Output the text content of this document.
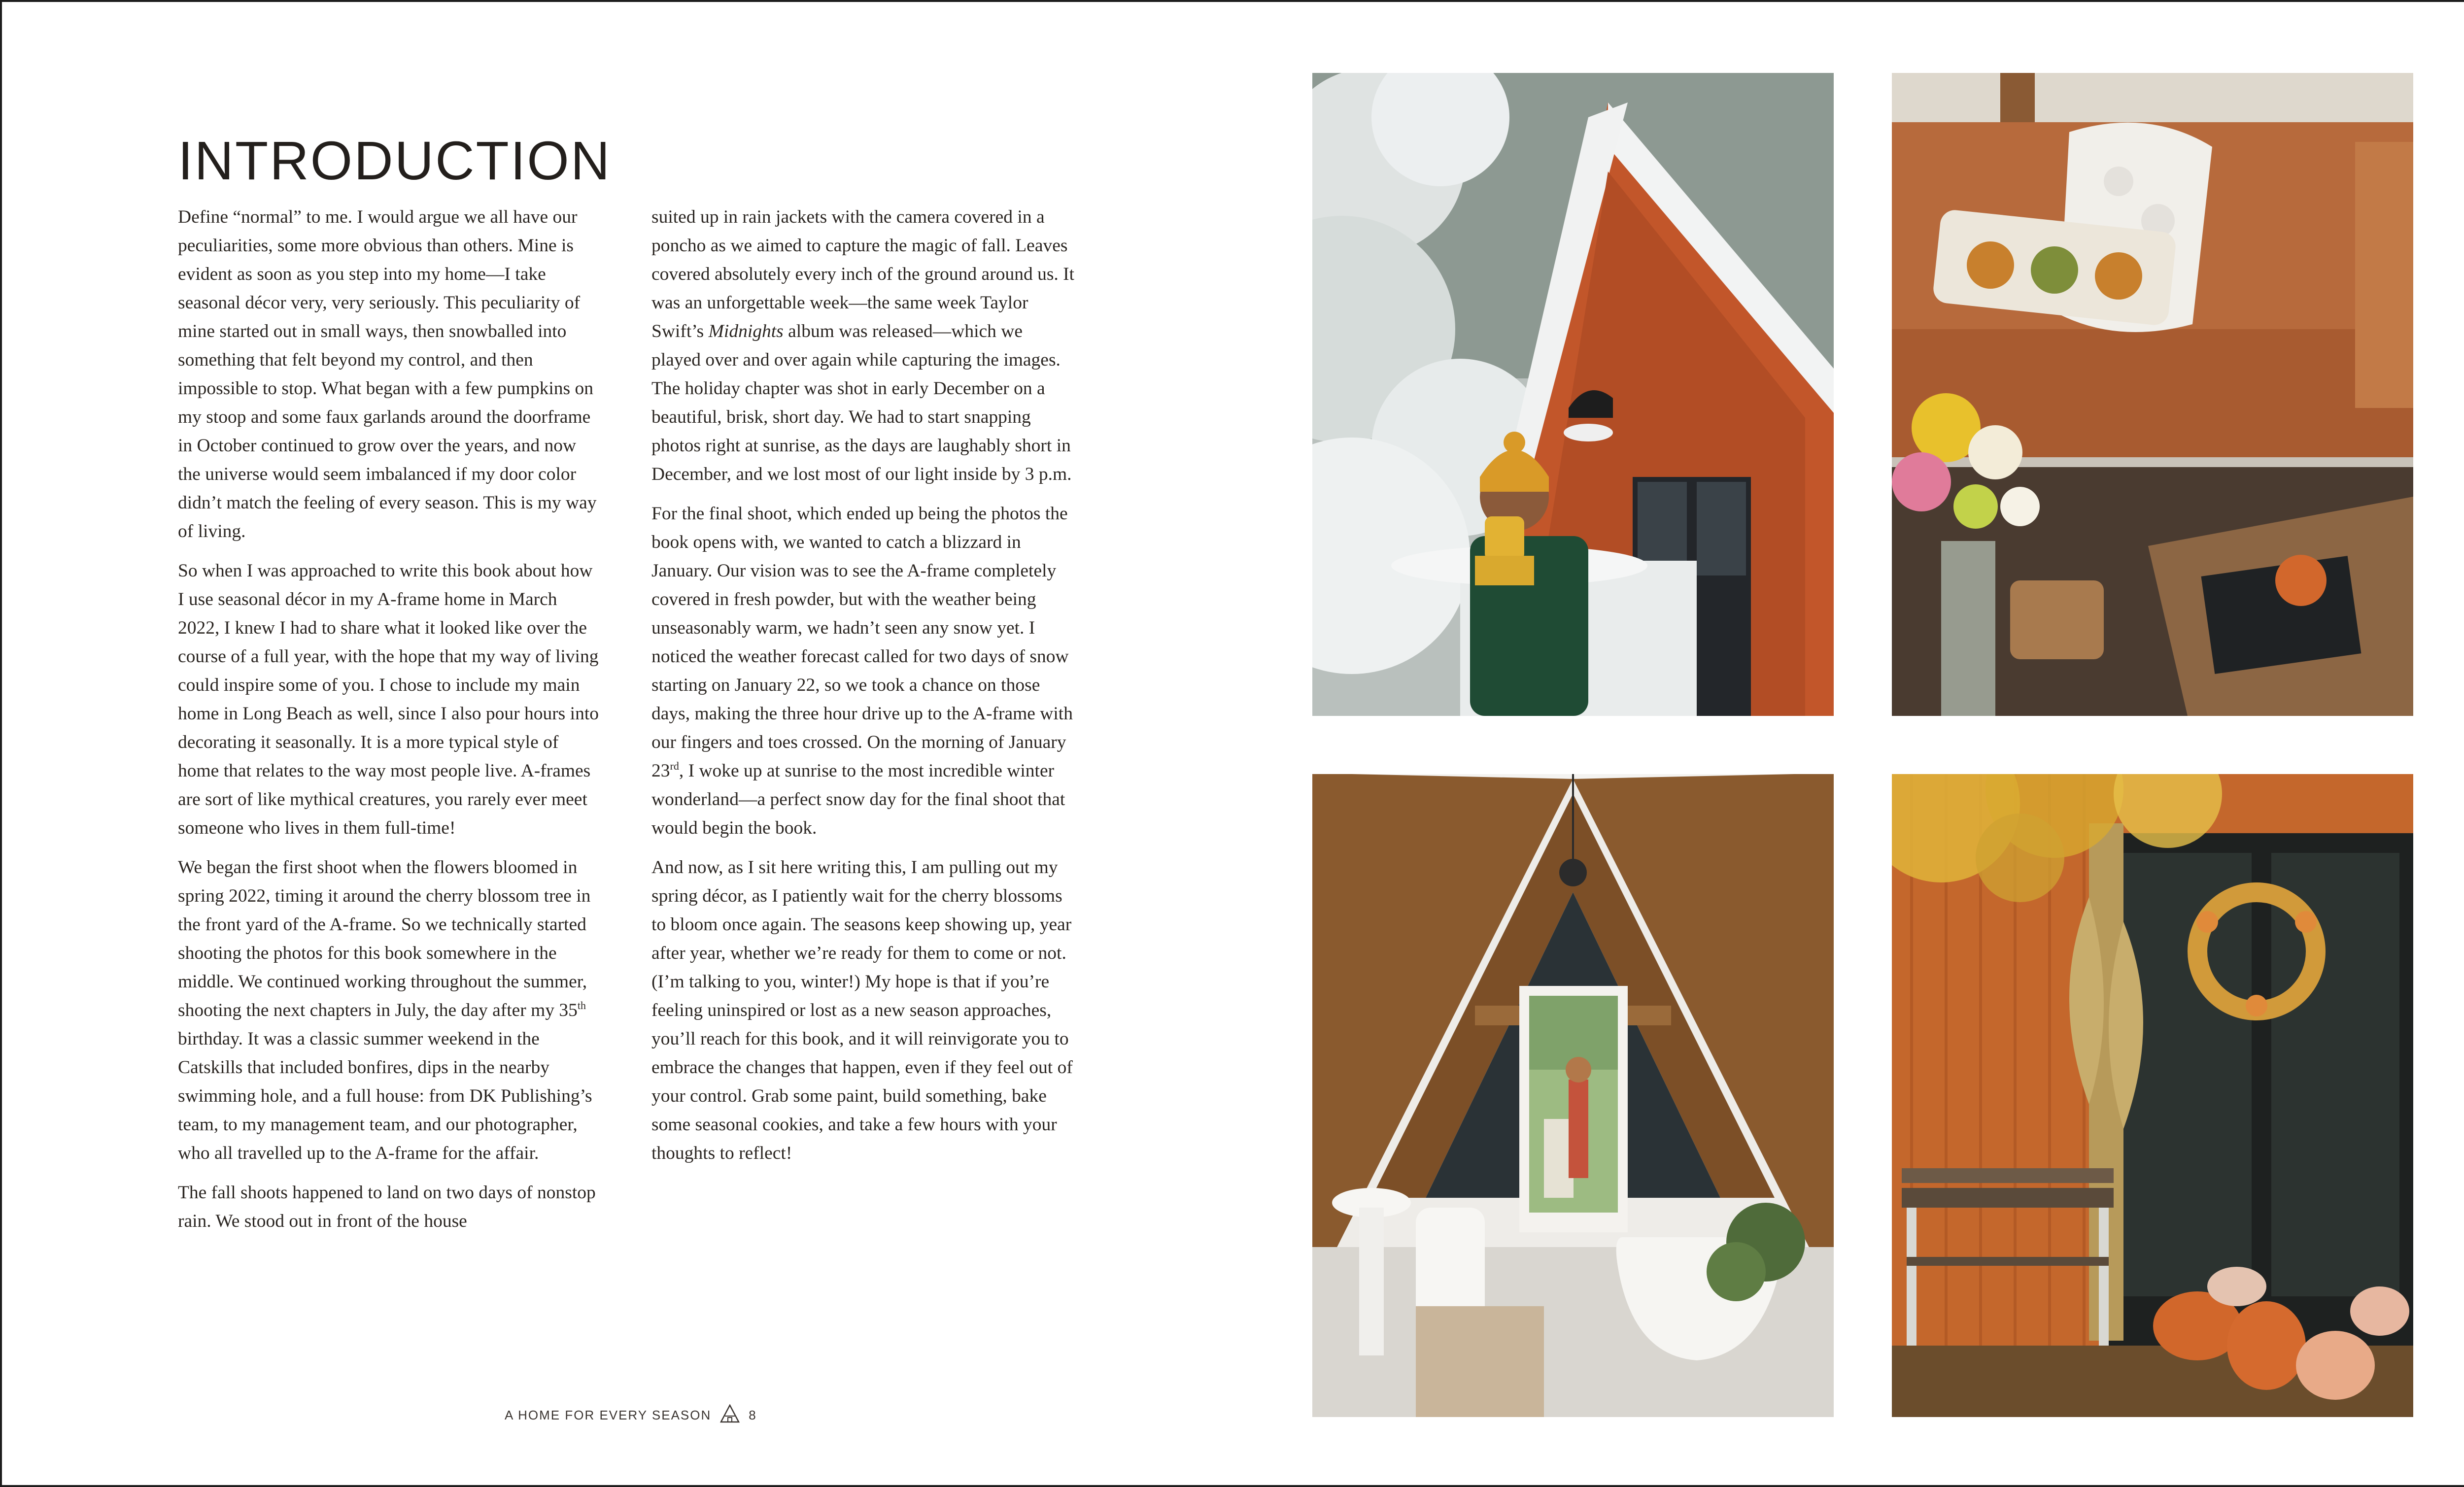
INTRODUCTION

Define “normal” to me. I would argue we all have our peculiarities, some more obvious than others. Mine is evident as soon as you step into my home—I take seasonal décor very, very seriously. This peculiarity of mine started out in small ways, then snowballed into something that felt beyond my control, and then impossible to stop. What began with a few pumpkins on my stoop and some faux garlands around the doorframe in October continued to grow over the years, and now the universe would seem imbalanced if my door color didn’t match the feeling of every season. This is my way of living.

So when I was approached to write this book about how I use seasonal décor in my A-frame home in March 2022, I knew I had to share what it looked like over the course of a full year, with the hope that my way of living could inspire some of you. I chose to include my main home in Long Beach as well, since I also pour hours into decorating it seasonally. It is a more typical style of home that relates to the way most people live. A-frames are sort of like mythical creatures, you rarely ever meet someone who lives in them full-time!

We began the first shoot when the flowers bloomed in spring 2022, timing it around the cherry blossom tree in the front yard of the A-frame. So we technically started shooting the photos for this book somewhere in the middle. We continued working throughout the summer, shooting the next chapters in July, the day after my 35th birthday. It was a classic summer weekend in the Catskills that included bonfires, dips in the nearby swimming hole, and a full house: from DK Publishing’s team, to my management team, and our photographer, who all travelled up to the A-frame for the affair.

The fall shoots happened to land on two days of nonstop rain. We stood out in front of the house

suited up in rain jackets with the camera covered in a poncho as we aimed to capture the magic of fall. Leaves covered absolutely every inch of the ground around us. It was an unforgettable week—the same week Taylor Swift’s Midnights album was released—which we played over and over again while capturing the images. The holiday chapter was shot in early December on a beautiful, brisk, short day. We had to start snapping photos right at sunrise, as the days are laughably short in December, and we lost most of our light inside by 3 p.m.

For the final shoot, which ended up being the photos the book opens with, we wanted to catch a blizzard in January. Our vision was to see the A-frame completely covered in fresh powder, but with the weather being unseasonably warm, we hadn’t seen any snow yet. I noticed the weather forecast called for two days of snow starting on January 22, so we took a chance on those days, making the three hour drive up to the A-frame with our fingers and toes crossed. On the morning of January 23rd, I woke up at sunrise to the most incredible winter wonderland—a perfect snow day for the final shoot that would begin the book.

And now, as I sit here writing this, I am pulling out my spring décor, as I patiently wait for the cherry blossoms to bloom once again. The seasons keep showing up, year after year, whether we’re ready for them to come or not. (I’m talking to you, winter!) My hope is that if you’re feeling uninspired or lost as a new season approaches, you’ll reach for this book, and it will reinvigorate you to embrace the changes that happen, even if they feel out of your control. Grab some paint, build something, bake some seasonal cookies, and take a few hours with your thoughts to reflect!

A HOME FOR EVERY SEASON	8
